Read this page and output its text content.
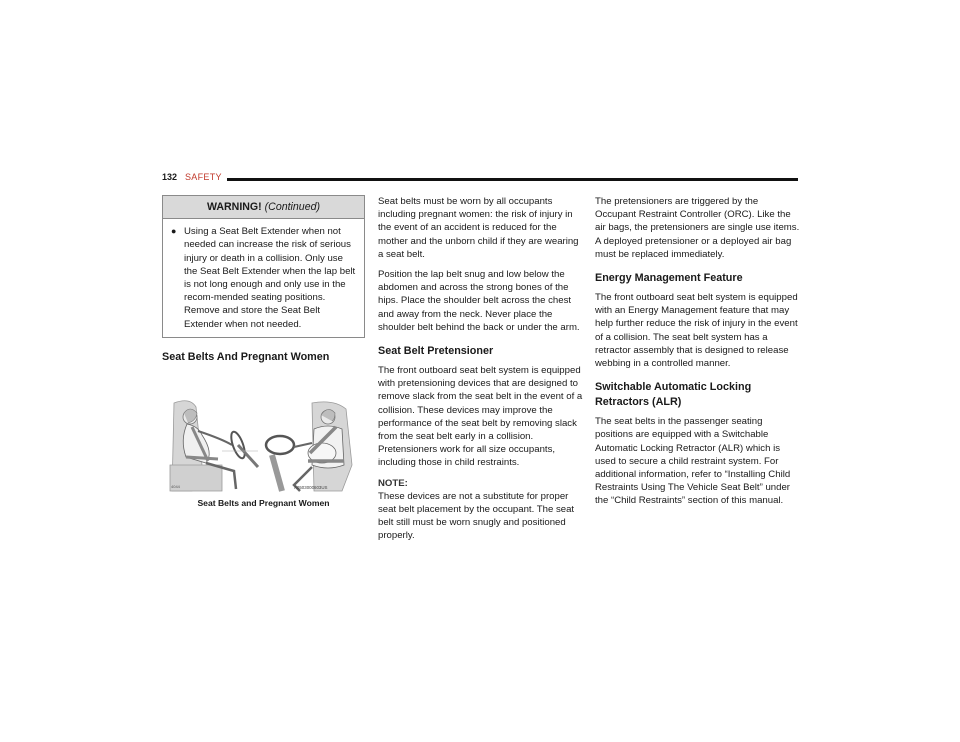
132 SAFETY
WARNING! (Continued)
● Using a Seat Belt Extender when not needed can increase the risk of serious injury or death in a collision. Only use the Seat Belt Extender when the lap belt is not long enough and only use in the recom-mended seating positions. Remove and store the Seat Belt Extender when not needed.
Seat Belts And Pregnant Women
4044	A0503000603US
Seat Belts and Pregnant Women

Seat belts must be worn by all occupants including pregnant women: the risk of injury in the event of an accident is reduced for the mother and the unborn child if they are wearing a seat belt.

Position the lap belt snug and low below the abdomen and across the strong bones of the hips. Place the shoulder belt across the chest and away from the neck. Never place the shoulder belt behind the back or under the arm.

Seat Belt Pretensioner

The front outboard seat belt system is equipped with pretensioning devices that are designed to remove slack from the seat belt in the event of a collision. These devices may improve the performance of the seat belt by removing slack from the seat belt early in a collision. Pretensioners work for all size occupants, including those in child restraints.

NOTE:
These devices are not a substitute for proper seat belt placement by the occupant. The seat belt still must be worn snugly and positioned properly.

The pretensioners are triggered by the Occupant Restraint Controller (ORC). Like the air bags, the pretensioners are single use items. A deployed pretensioner or a deployed air bag must be replaced immediately.

Energy Management Feature

The front outboard seat belt system is equipped with an Energy Management feature that may help further reduce the risk of injury in the event of a collision. The seat belt system has a retractor assembly that is designed to release webbing in a controlled manner.

Switchable Automatic Locking Retractors (ALR)

The seat belts in the passenger seating positions are equipped with a Switchable Automatic Locking Retractor (ALR) which is used to secure a child restraint system. For additional information, refer to “Installing Child Restraints Using The Vehicle Seat Belt” under the “Child Restraints” section of this manual.
